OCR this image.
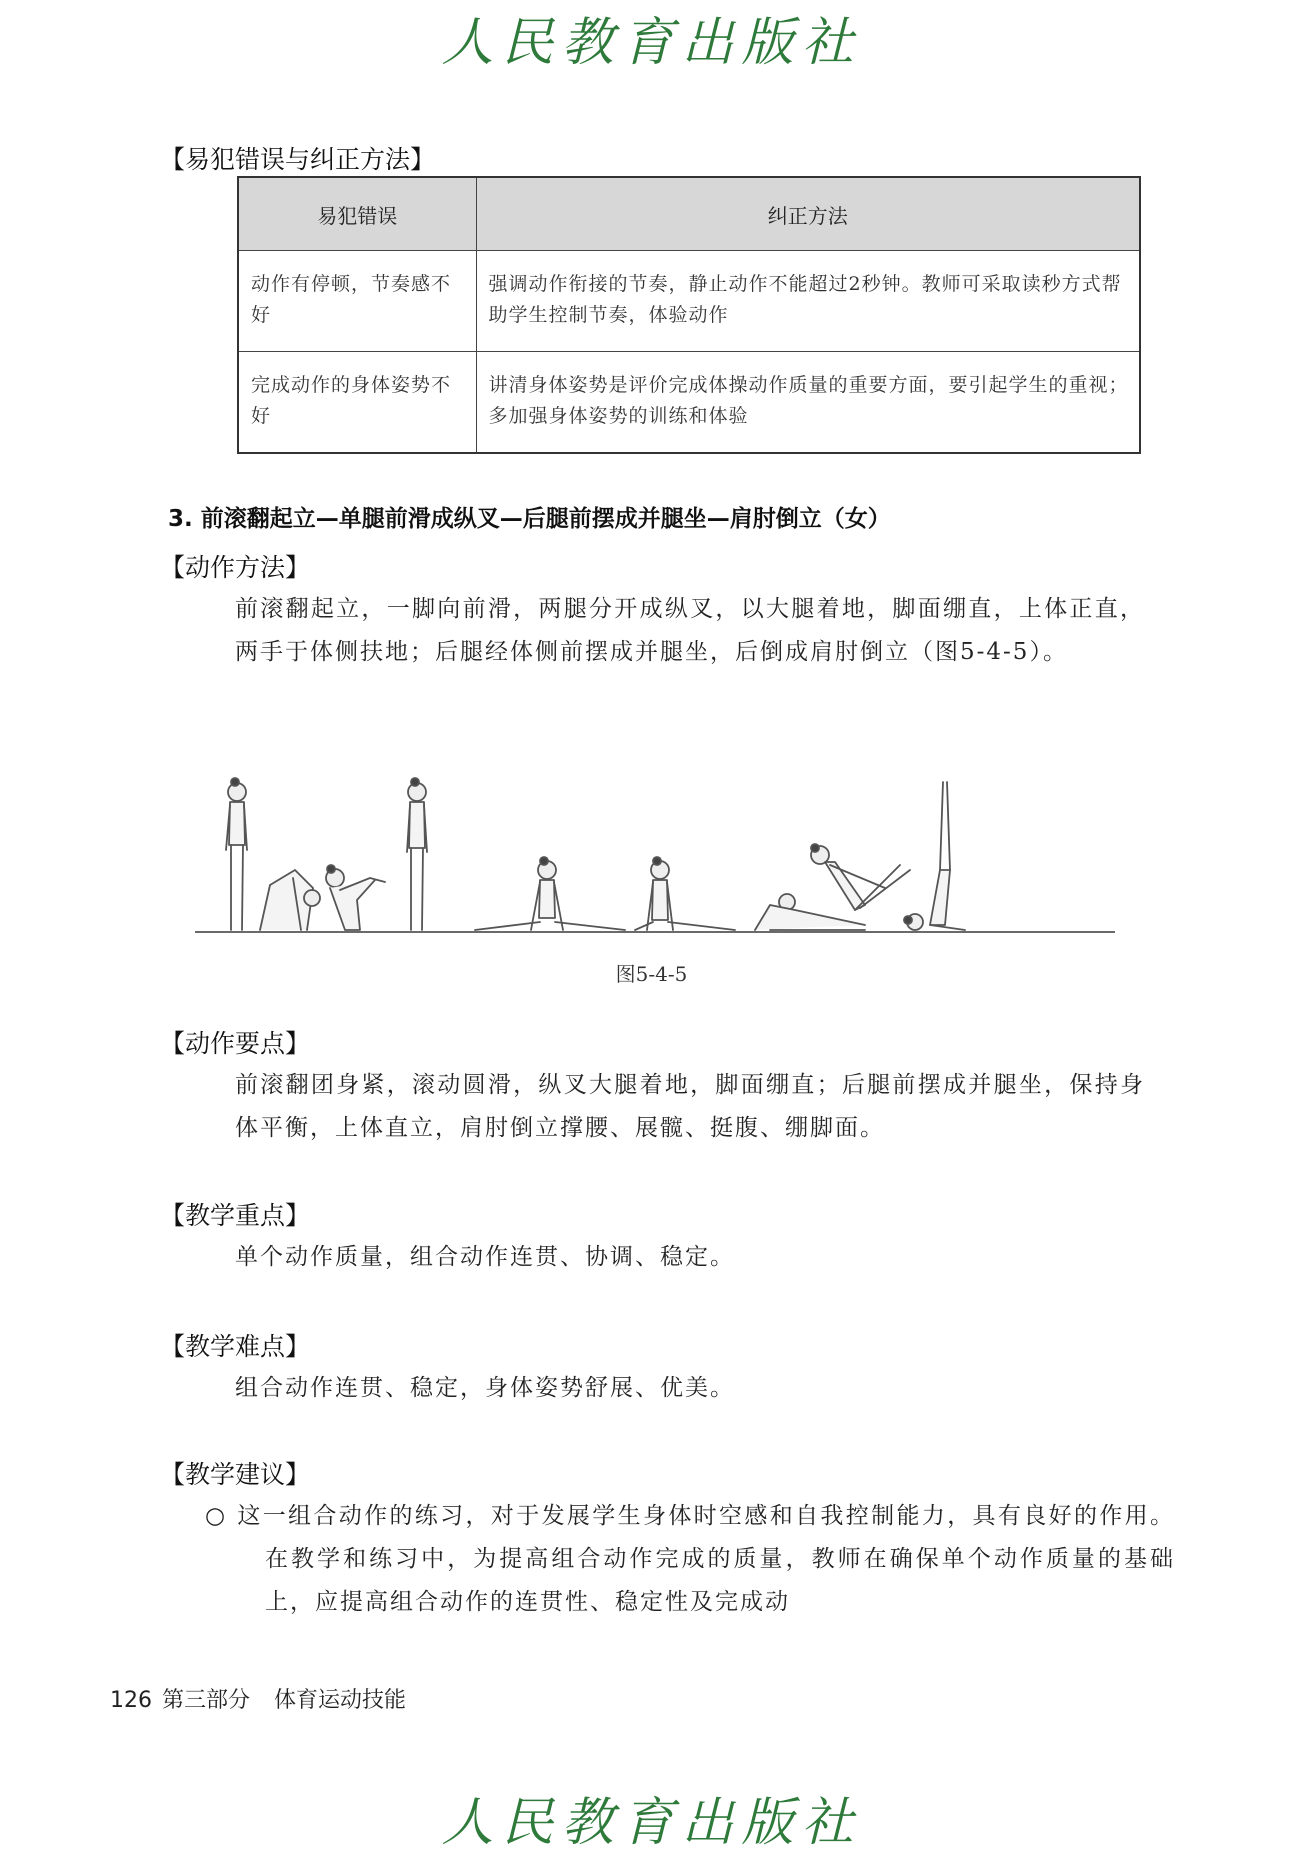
人民教育出版社
【易犯错误与纠正方法】
易犯错误	纠正方法
动作有停顿，节奏感不好	强调动作衔接的节奏，静止动作不能超过2秒钟。教师可采取读秒方式帮助学生控制节奏，体验动作
完成动作的身体姿势不好	讲清身体姿势是评价完成体操动作质量的重要方面，要引起学生的重视；多加强身体姿势的训练和体验
3. 前滚翻起立—单腿前滑成纵叉—后腿前摆成并腿坐—肩肘倒立（女）
【动作方法】
前滚翻起立，一脚向前滑，两腿分开成纵叉，以大腿着地，脚面绷直，上体正直，两手于体侧扶地；后腿经体侧前摆成并腿坐，后倒成肩肘倒立（图5-4-5）。
图5-4-5
【动作要点】
前滚翻团身紧，滚动圆滑，纵叉大腿着地，脚面绷直；后腿前摆成并腿坐，保持身体平衡，上体直立，肩肘倒立撑腰、展髋、挺腹、绷脚面。
【教学重点】
单个动作质量，组合动作连贯、协调、稳定。
【教学难点】
组合动作连贯、稳定，身体姿势舒展、优美。
【教学建议】
○ 这一组合动作的练习，对于发展学生身体时空感和自我控制能力，具有良好的作用。在教学和练习中，为提高组合动作完成的质量，教师在确保单个动作质量的基础上，应提高组合动作的连贯性、稳定性及完成动
126 第三部分 体育运动技能
人民教育出版社
